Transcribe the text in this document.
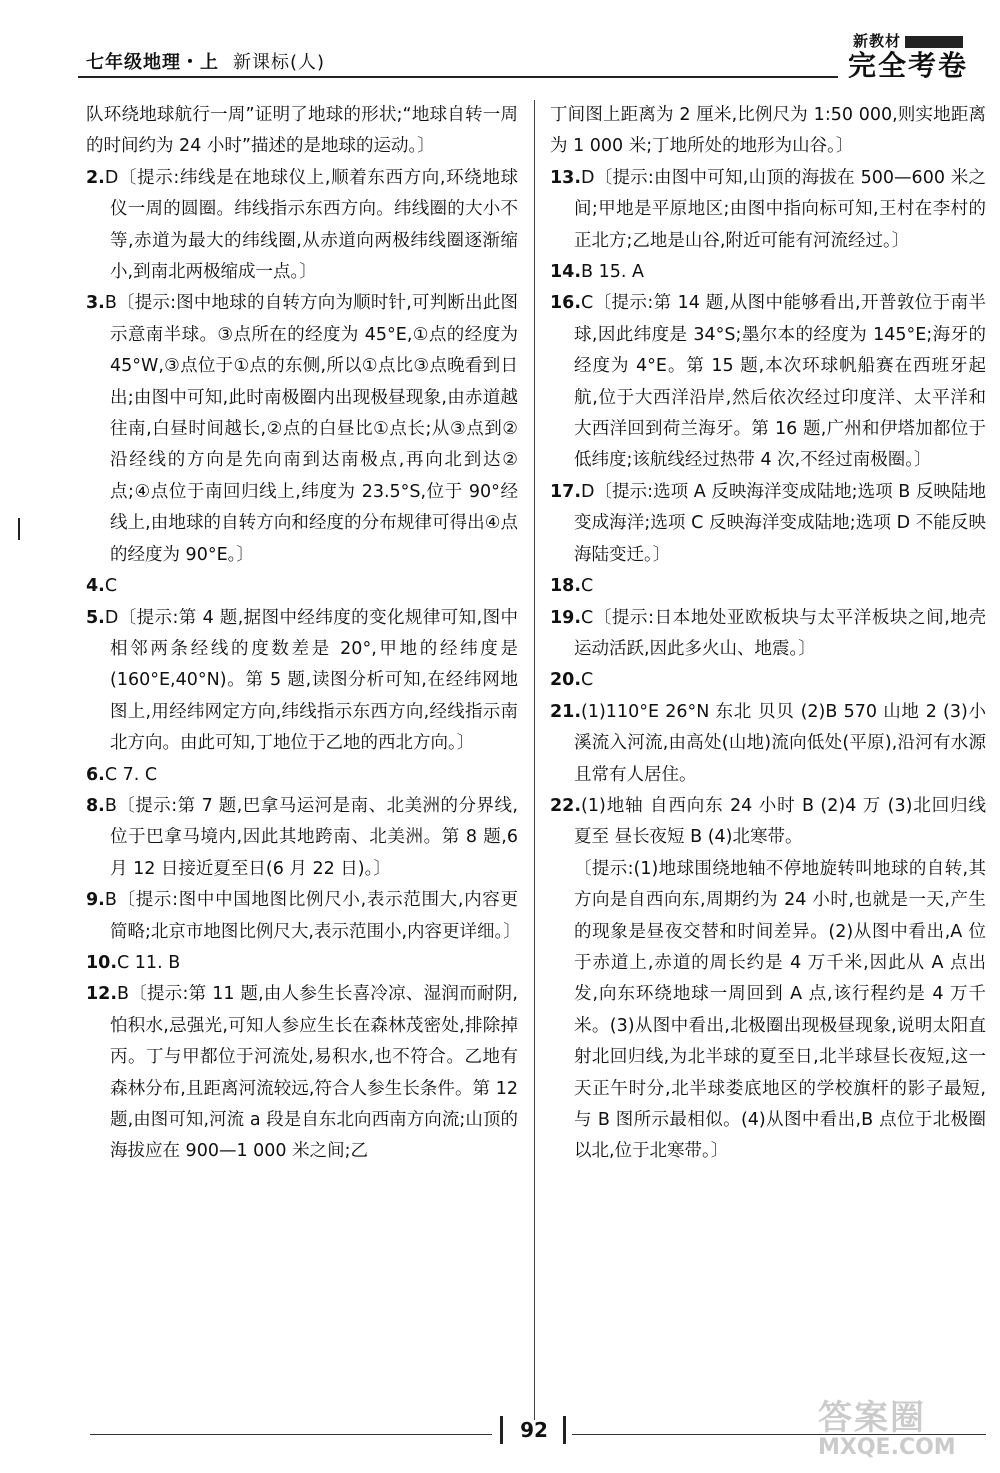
七年级地理・上 新课标(人)
新教材
完全考卷

队环绕地球航行一周”证明了地球的形状;“地球自转一周的时间约为 24 小时”描述的是地球的运动。〕

2.D〔提示:纬线是在地球仪上,顺着东西方向,环绕地球仪一周的圆圈。纬线指示东西方向。纬线圈的大小不等,赤道为最大的纬线圈,从赤道向两极纬线圈逐渐缩小,到南北两极缩成一点。〕

3.B〔提示:图中地球的自转方向为顺时针,可判断出此图示意南半球。③点所在的经度为 45°E,①点的经度为 45°W,③点位于①点的东侧,所以①点比③点晚看到日出;由图中可知,此时南极圈内出现极昼现象,由赤道越往南,白昼时间越长,②点的白昼比①点长;从③点到②沿经线的方向是先向南到达南极点,再向北到达②点;④点位于南回归线上,纬度为 23.5°S,位于 90°经线上,由地球的自转方向和经度的分布规律可得出④点的经度为 90°E。〕

4.C

5.D〔提示:第 4 题,据图中经纬度的变化规律可知,图中相邻两条经线的度数差是 20°,甲地的经纬度是(160°E,40°N)。第 5 题,读图分析可知,在经纬网地图上,用经纬网定方向,纬线指示东西方向,经线指示南北方向。由此可知,丁地位于乙地的西北方向。〕

6.C 7. C

8.B〔提示:第 7 题,巴拿马运河是南、北美洲的分界线,位于巴拿马境内,因此其地跨南、北美洲。第 8 题,6 月 12 日接近夏至日(6 月 22 日)。〕

9.B〔提示:图中中国地图比例尺小,表示范围大,内容更简略;北京市地图比例尺大,表示范围小,内容更详细。〕

10.C 11. B

12.B〔提示:第 11 题,由人参生长喜冷凉、湿润而耐阴,怕积水,忌强光,可知人参应生长在森林茂密处,排除掉丙。丁与甲都位于河流处,易积水,也不符合。乙地有森林分布,且距离河流较远,符合人参生长条件。第 12 题,由图可知,河流 a 段是自东北向西南方向流;山顶的海拔应在 900—1 000 米之间;乙

丁间图上距离为 2 厘米,比例尺为 1:50 000,则实地距离为 1 000 米;丁地所处的地形为山谷。〕

13.D〔提示:由图中可知,山顶的海拔在 500—600 米之间;甲地是平原地区;由图中指向标可知,王村在李村的正北方;乙地是山谷,附近可能有河流经过。〕

14.B 15. A

16.C〔提示:第 14 题,从图中能够看出,开普敦位于南半球,因此纬度是 34°S;墨尔本的经度为 145°E;海牙的经度为 4°E。第 15 题,本次环球帆船赛在西班牙起航,位于大西洋沿岸,然后依次经过印度洋、太平洋和大西洋回到荷兰海牙。第 16 题,广州和伊塔加都位于低纬度;该航线经过热带 4 次,不经过南极圈。〕

17.D〔提示:选项 A 反映海洋变成陆地;选项 B 反映陆地变成海洋;选项 C 反映海洋变成陆地;选项 D 不能反映海陆变迁。〕

18.C

19.C〔提示:日本地处亚欧板块与太平洋板块之间,地壳运动活跃,因此多火山、地震。〕

20.C

21.(1)110°E 26°N 东北 贝贝 (2)B 570 山地 2 (3)小溪流入河流,由高处(山地)流向低处(平原),沿河有水源且常有人居住。

22.(1)地轴 自西向东 24 小时 B (2)4 万 (3)北回归线 夏至 昼长夜短 B (4)北寒带。

〔提示:(1)地球围绕地轴不停地旋转叫地球的自转,其方向是自西向东,周期约为 24 小时,也就是一天,产生的现象是昼夜交替和时间差异。(2)从图中看出,A 位于赤道上,赤道的周长约是 4 万千米,因此从 A 点出发,向东环绕地球一周回到 A 点,该行程约是 4 万千米。(3)从图中看出,北极圈出现极昼现象,说明太阳直射北回归线,为北半球的夏至日,北半球昼长夜短,这一天正午时分,北半球娄底地区的学校旗杆的影子最短,与 B 图所示最相似。(4)从图中看出,B 点位于北极圈以北,位于北寒带。〕

92	答案圈
MXQE.COM
